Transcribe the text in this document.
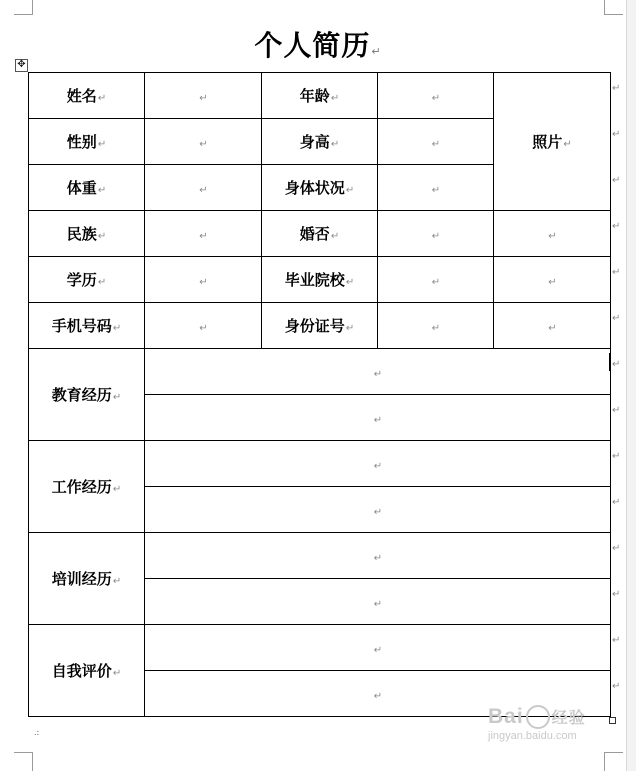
个人简历↵
✥
姓名↵	↵	年龄↵	↵	照片↵
性别↵	↵	身高↵	↵	
体重↵	↵	身体状况↵	↵	
民族↵	↵	婚否↵	↵	↵
学历↵	↵	毕业院校↵	↵	↵
手机号码↵	↵	身份证号↵	↵	↵
教育经历↵	↵			
	↵			
工作经历↵	↵			
	↵			
培训经历↵	↵			
	↵			
自我评价↵	↵			
	↵			
↵
↵
↵
↵
↵
↵
↵
↵
↵
↵
↵
↵
↵
↵
.:
Bai 经验
jingyan.baidu.com
